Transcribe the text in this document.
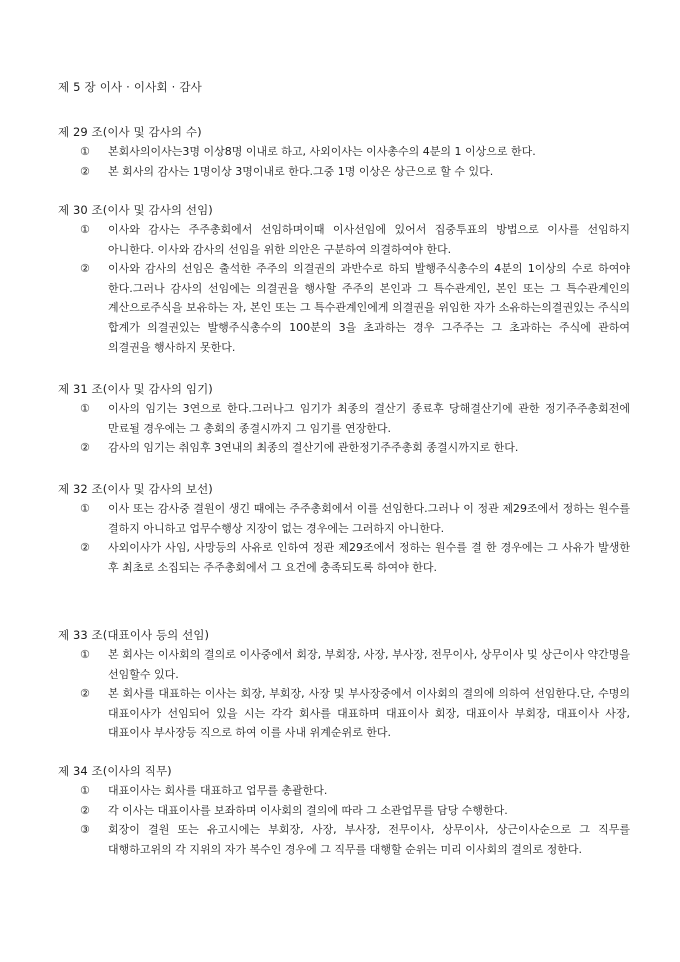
제 5 장 이사 · 이사회 · 감사
제 29 조(이사 및 감사의 수)
①	본회사의이사는3명 이상8명 이내로 하고, 사외이사는 이사총수의 4분의 1 이상으로 한다.
②	본 회사의 감사는 1명이상 3명이내로 한다.그중 1명 이상은 상근으로 할 수 있다.
제 30 조(이사 및 감사의 선임)
①	이사와 감사는 주주총회에서 선임하며이때 이사선임에 있어서 집중투표의 방법으로 이사를 선임하지 아니한다. 이사와 감사의 선임을 위한 의안은 구분하여 의결하여야 한다.
②	이사와 감사의 선임은 출석한 주주의 의결권의 과반수로 하되 발행주식총수의 4분의 1이상의 수로 하여야 한다.그러나 감사의 선임에는 의결권을 행사할 주주의 본인과 그 특수관계인, 본인 또는 그 특수관계인의 계산으로주식을 보유하는 자, 본인 또는 그 특수관계인에게 의결권을 위임한 자가 소유하는의결권있는 주식의 합계가 의결권있는 발행주식총수의 100분의 3을 초과하는 경우 그주주는 그 초과하는 주식에 관하여 의결권을 행사하지 못한다.
제 31 조(이사 및 감사의 임기)
①	이사의 임기는 3연으로 한다.그러나그 임기가 최종의 결산기 종료후 당해결산기에 관한 정기주주총회전에 만료될 경우에는 그 총회의 종결시까지 그 임기를 연장한다.
②	감사의 임기는 취임후 3연내의 최종의 결산기에 관한정기주주총회 종결시까지로 한다.
제 32 조(이사 및 감사의 보선)
①	이사 또는 감사중 결원이 생긴 때에는 주주총회에서 이를 선임한다.그러나 이 정관 제29조에서 정하는 원수를 결하지 아니하고 업무수행상 지장이 없는 경우에는 그러하지 아니한다.
②	사외이사가 사임, 사망등의 사유로 인하여 정관 제29조에서 정하는 원수를 결 한 경우에는 그 사유가 발생한 후 최초로 소집되는 주주총회에서 그 요건에 충족되도록 하여야 한다.
제 33 조(대표이사 등의 선임)
①	본 회사는 이사회의 결의로 이사중에서 회장, 부회장, 사장, 부사장, 전무이사, 상무이사 및 상근이사 약간명을 선임할수 있다.
②	본 회사를 대표하는 이사는 회장, 부회장, 사장 및 부사장중에서 이사회의 결의에 의하여 선임한다.단, 수명의 대표이사가 선임되어 있을 시는 각각 회사를 대표하며 대표이사 회장, 대표이사 부회장, 대표이사 사장, 대표이사 부사장등 직으로 하여 이를 사내 위계순위로 한다.
제 34 조(이사의 직무)
①	대표이사는 회사를 대표하고 업무를 총괄한다.
②	각 이사는 대표이사를 보좌하며 이사회의 결의에 따라 그 소관업무를 담당 수행한다.
③	회장이 결원 또는 유고시에는 부회장, 사장, 부사장, 전무이사, 상무이사, 상근이사순으로 그 직무를 대행하고위의 각 지위의 자가 복수인 경우에 그 직무를 대행할 순위는 미리 이사회의 결의로 정한다.
